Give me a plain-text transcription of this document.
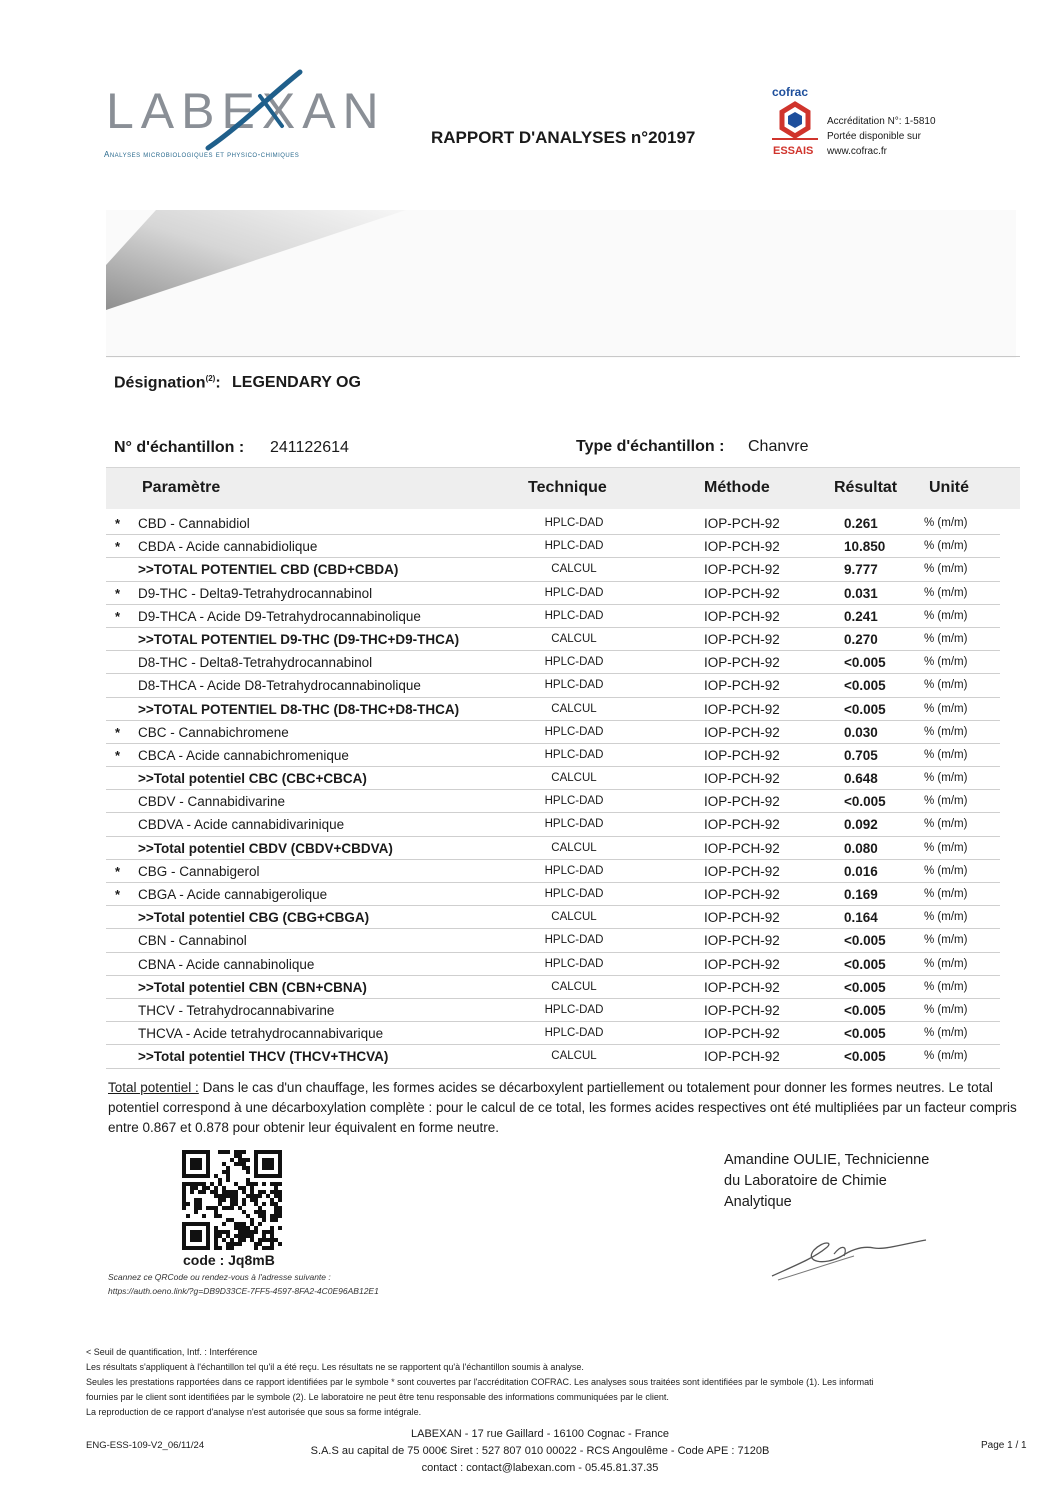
LABEXAN
Analyses microbiologiques et physico-chimiques
RAPPORT D'ANALYSES n°20197
cofrac
ESSAIS
Accréditation N°: 1-5810
Portée disponible sur
www.cofrac.fr
Désignation$^{(2)}$: LEGENDARY OG
N° d'échantillon : 241122614	Type d'échantillon : Chanvre
Paramètre	Technique	Méthode	Résultat Unité
* CBD - Cannabidiol	HPLC-DAD	IOP-PCH-92	0.261	% (m/m)
* CBDA - Acide cannabidiolique	HPLC-DAD	IOP-PCH-92	10.850	% (m/m)
>>TOTAL POTENTIEL CBD (CBD+CBDA)	CALCUL	IOP-PCH-92	9.777	% (m/m)
* D9-THC - Delta9-Tetrahydrocannabinol	HPLC-DAD	IOP-PCH-92	0.031	% (m/m)
* D9-THCA - Acide D9-Tetrahydrocannabinolique	HPLC-DAD	IOP-PCH-92	0.241	% (m/m)
>>TOTAL POTENTIEL D9-THC (D9-THC+D9-THCA)	CALCUL	IOP-PCH-92	0.270	% (m/m)
D8-THC - Delta8-Tetrahydrocannabinol	HPLC-DAD	IOP-PCH-92	<0.005	% (m/m)
D8-THCA - Acide D8-Tetrahydrocannabinolique	HPLC-DAD	IOP-PCH-92	<0.005	% (m/m)
>>TOTAL POTENTIEL D8-THC (D8-THC+D8-THCA)	CALCUL	IOP-PCH-92	<0.005	% (m/m)
* CBC - Cannabichromene	HPLC-DAD	IOP-PCH-92	0.030	% (m/m)
* CBCA - Acide cannabichromenique	HPLC-DAD	IOP-PCH-92	0.705	% (m/m)
>>Total potentiel CBC (CBC+CBCA)	CALCUL	IOP-PCH-92	0.648	% (m/m)
CBDV - Cannabidivarine	HPLC-DAD	IOP-PCH-92	<0.005	% (m/m)
CBDVA - Acide cannabidivarinique	HPLC-DAD	IOP-PCH-92	0.092	% (m/m)
>>Total potentiel CBDV (CBDV+CBDVA)	CALCUL	IOP-PCH-92	0.080	% (m/m)
* CBG - Cannabigerol	HPLC-DAD	IOP-PCH-92	0.016	% (m/m)
* CBGA - Acide cannabigerolique	HPLC-DAD	IOP-PCH-92	0.169	% (m/m)
>>Total potentiel CBG (CBG+CBGA)	CALCUL	IOP-PCH-92	0.164	% (m/m)
CBN - Cannabinol	HPLC-DAD	IOP-PCH-92	<0.005	% (m/m)
CBNA - Acide cannabinolique	HPLC-DAD	IOP-PCH-92	<0.005	% (m/m)
>>Total potentiel CBN (CBN+CBNA)	CALCUL	IOP-PCH-92	<0.005	% (m/m)
THCV - Tetrahydrocannabivarine	HPLC-DAD	IOP-PCH-92	<0.005	% (m/m)
THCVA - Acide tetrahydrocannabivarique	HPLC-DAD	IOP-PCH-92	<0.005	% (m/m)
>>Total potentiel THCV (THCV+THCVA)	CALCUL	IOP-PCH-92	<0.005	% (m/m)
Total potentiel : Dans le cas d'un chauffage, les formes acides se décarboxylent partiellement ou totalement pour donner les formes neutres. Le total potentiel correspond à une décarboxylation complète : pour le calcul de ce total, les formes acides respectives ont été multipliées par un facteur compris entre 0.867 et 0.878 pour obtenir leur équivalent en forme neutre.
code : Jq8mB
Scannez ce QRCode ou rendez-vous à l'adresse suivante :
https://auth.oeno.link/?g=DB9D33CE-7FF5-4597-8FA2-4C0E96AB12E1
Amandine OULIE, Technicienne
du Laboratoire de Chimie
Analytique
< Seuil de quantification, Intf. : Interférence
Les résultats s'appliquent à l'échantillon tel qu'il a été reçu. Les résultats ne se rapportent qu'à l'échantillon soumis à analyse.
Seules les prestations rapportées dans ce rapport identifiées par le symbole * sont couvertes par l'accréditation COFRAC. Les analyses sous traitées sont identifiées par le symbole (1). Les informati
fournies par le client sont identifiées par le symbole (2). Le laboratoire ne peut être tenu responsable des informations communiquées par le client.
La reproduction de ce rapport d'analyse n'est autorisée que sous sa forme intégrale.
ENG-ESS-109-V2_06/11/24
LABEXAN - 17 rue Gaillard - 16100 Cognac - France
S.A.S au capital de 75 000€ Siret : 527 807 010 00022 - RCS Angoulême - Code APE : 7120B
contact : contact@labexan.com - 05.45.81.37.35
Page 1 / 1
